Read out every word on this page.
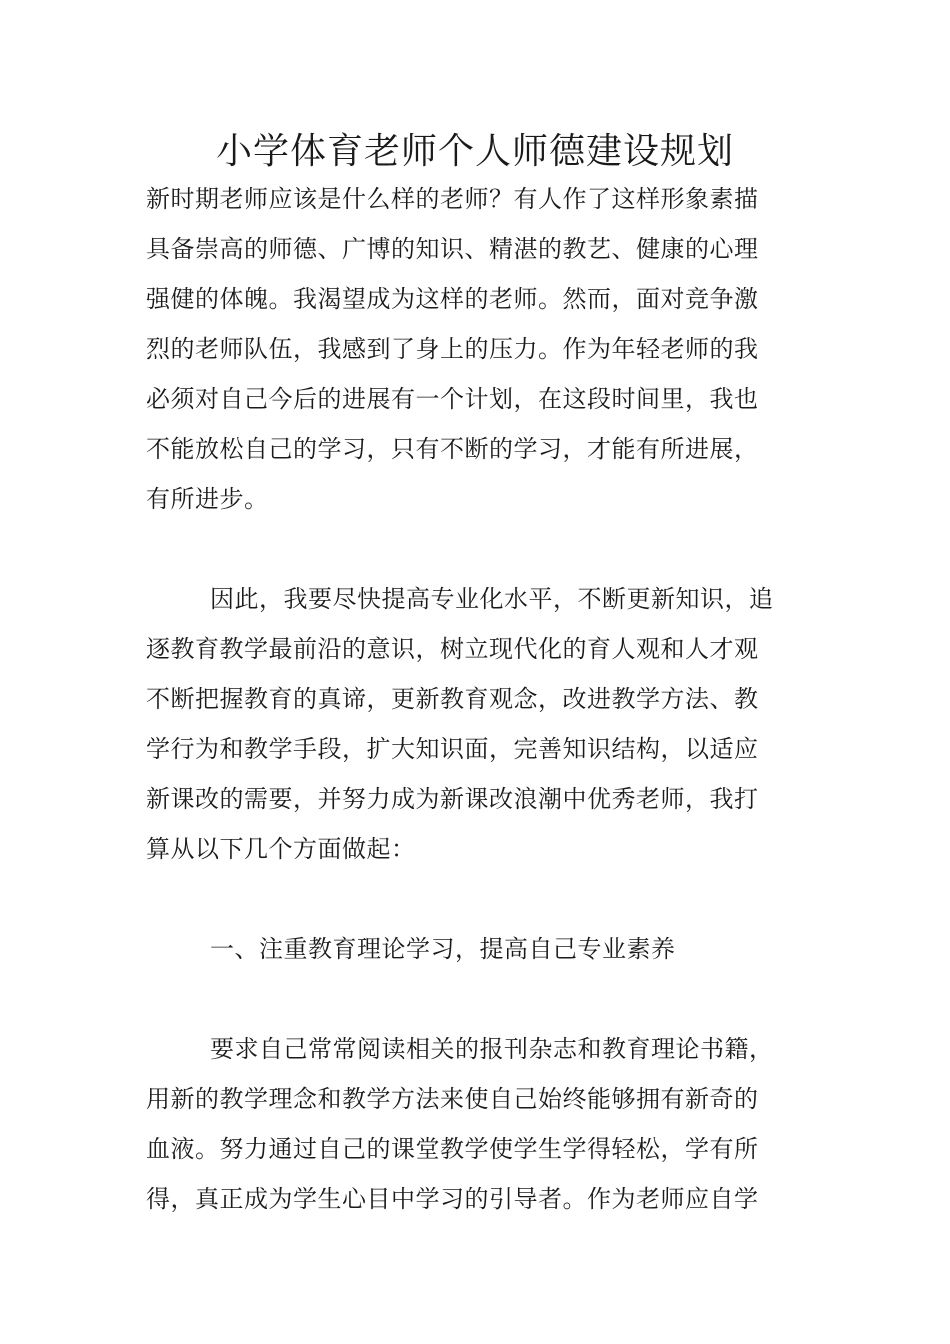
小学体育老师个人师德建设规划
新时期老师应该是什么样的老师？有人作了这样形象素描
具备崇高的师德、广博的知识、精湛的教艺、健康的心理
强健的体魄。我渴望成为这样的老师。然而，面对竞争激
烈的老师队伍，我感到了身上的压力。作为年轻老师的我
必须对自己今后的进展有一个计划，在这段时间里，我也
不能放松自己的学习，只有不断的学习，才能有所进展，
有所进步。
因此，我要尽快提高专业化水平，不断更新知识，追
逐教育教学最前沿的意识，树立现代化的育人观和人才观
不断把握教育的真谛，更新教育观念，改进教学方法、教
学行为和教学手段，扩大知识面，完善知识结构，以适应
新课改的需要，并努力成为新课改浪潮中优秀老师，我打
算从以下几个方面做起：
一、注重教育理论学习，提高自己专业素养
要求自己常常阅读相关的报刊杂志和教育理论书籍，
用新的教学理念和教学方法来使自己始终能够拥有新奇的
血液。努力通过自己的课堂教学使学生学得轻松，学有所
得，真正成为学生心目中学习的引导者。作为老师应自学
